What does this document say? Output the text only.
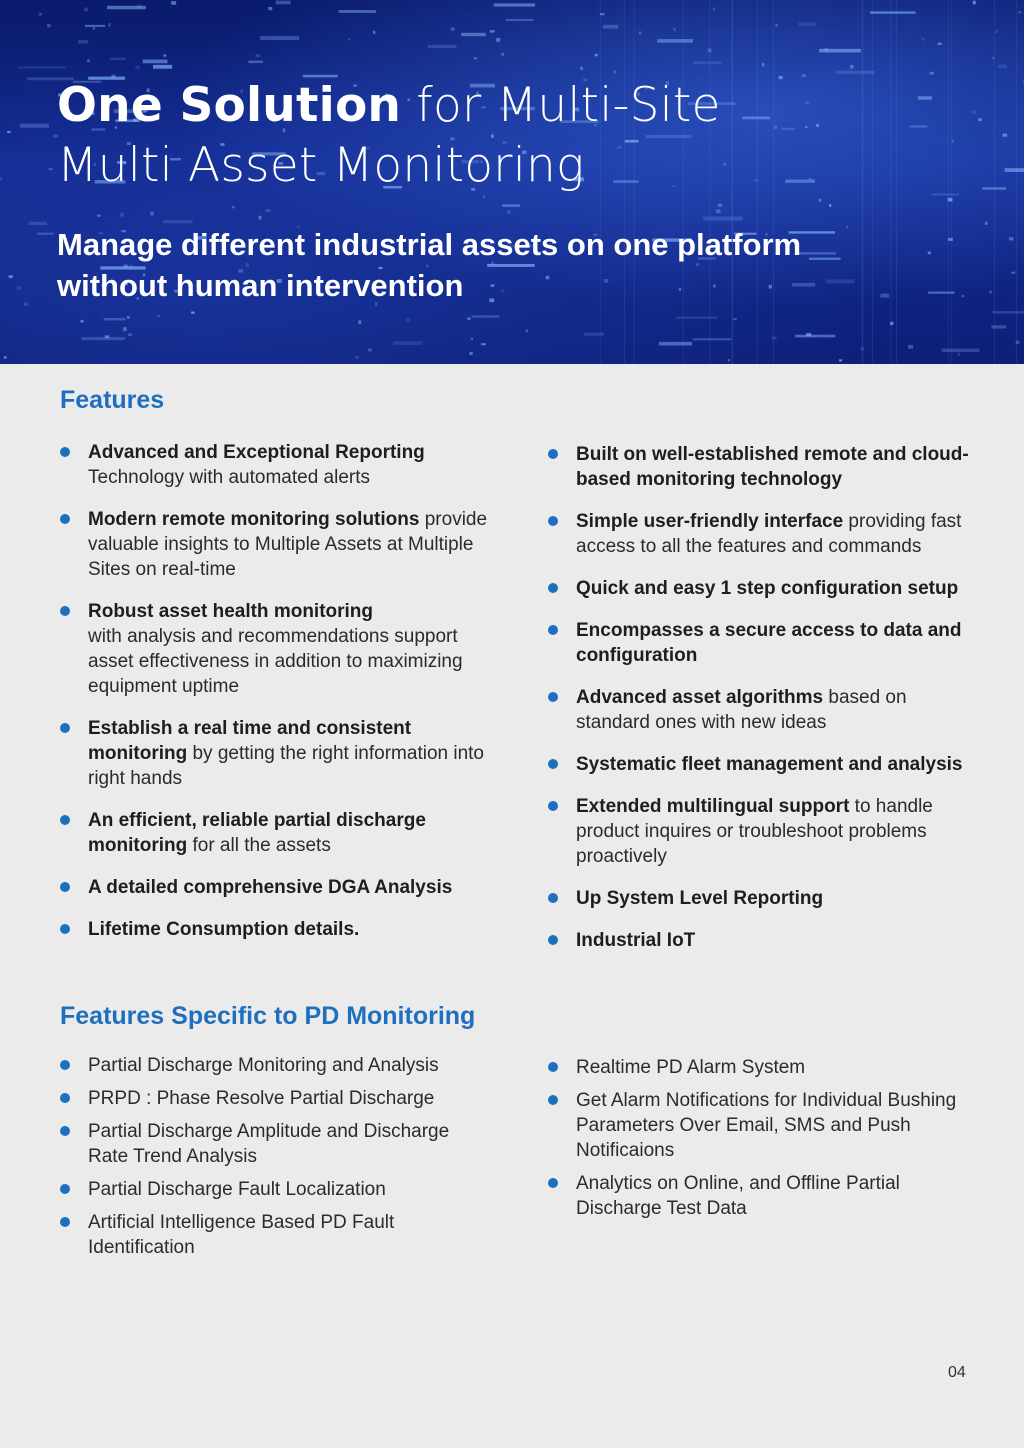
One Solution for Multi-Site
Multi Asset Monitoring
Manage different industrial assets on one platform
without human intervention
Features
Advanced and Exceptional Reporting
Technology with automated alerts
Modern remote monitoring solutions provide valuable insights to Multiple Assets at Multiple Sites on real-time
Robust asset health monitoring
with analysis and recommendations support asset effectiveness in addition to maximizing equipment uptime
Establish a real time and consistent monitoring by getting the right information into right hands
An efficient, reliable partial discharge monitoring for all the assets
A detailed comprehensive DGA Analysis
Lifetime Consumption details.
Built on well-established remote and cloud-based monitoring technology
Simple user-friendly interface providing fast access to all the features and commands
Quick and easy 1 step configuration setup
Encompasses a secure access to data and configuration
Advanced asset algorithms based on standard ones with new ideas
Systematic fleet management and analysis
Extended multilingual support to handle product inquires or troubleshoot problems proactively
Up System Level Reporting
Industrial IoT
Features Specific to PD Monitoring
Partial Discharge Monitoring and Analysis
PRPD : Phase Resolve Partial Discharge
Partial Discharge Amplitude and Discharge Rate Trend Analysis
Partial Discharge Fault Localization
Artificial Intelligence Based PD Fault Identification
Realtime PD Alarm System
Get Alarm Notifications for Individual Bushing Parameters Over Email, SMS and Push Notificaions
Analytics on Online, and Offline Partial Discharge Test Data
04
